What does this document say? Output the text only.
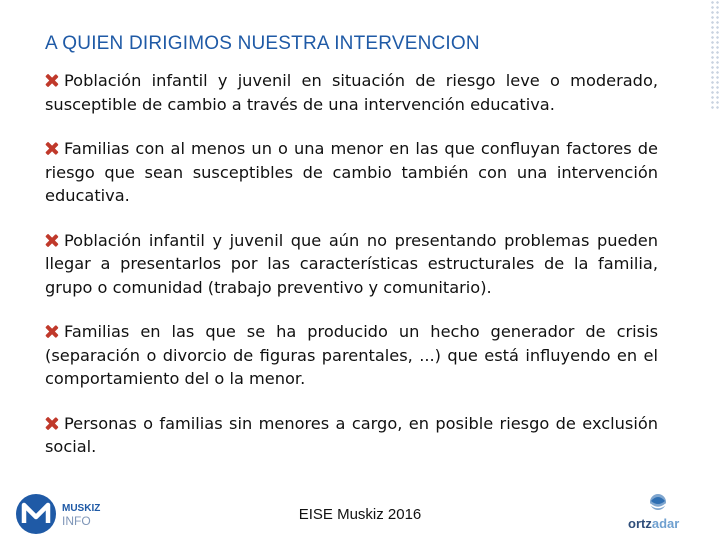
A QUIEN DIRIGIMOS NUESTRA INTERVENCION
Población infantil y juvenil en situación de riesgo leve o moderado, susceptible de cambio a través de una intervención educativa.
Familias con al menos un o una menor en las que confluyan factores de riesgo que sean susceptibles de cambio también con una intervención educativa.
Población infantil y juvenil que aún no presentando problemas pueden llegar a presentarlos por las características estructurales de la familia, grupo o comunidad (trabajo preventivo y comunitario).
Familias en las que se ha producido un hecho generador de crisis (separación o divorcio de figuras parentales, ...) que está influyendo en el comportamiento del o la menor.
Personas o familias sin menores a cargo, en posible riesgo de exclusión social.
MUSKIZ
INFO	EISE Muskiz 2016
ortzadar
